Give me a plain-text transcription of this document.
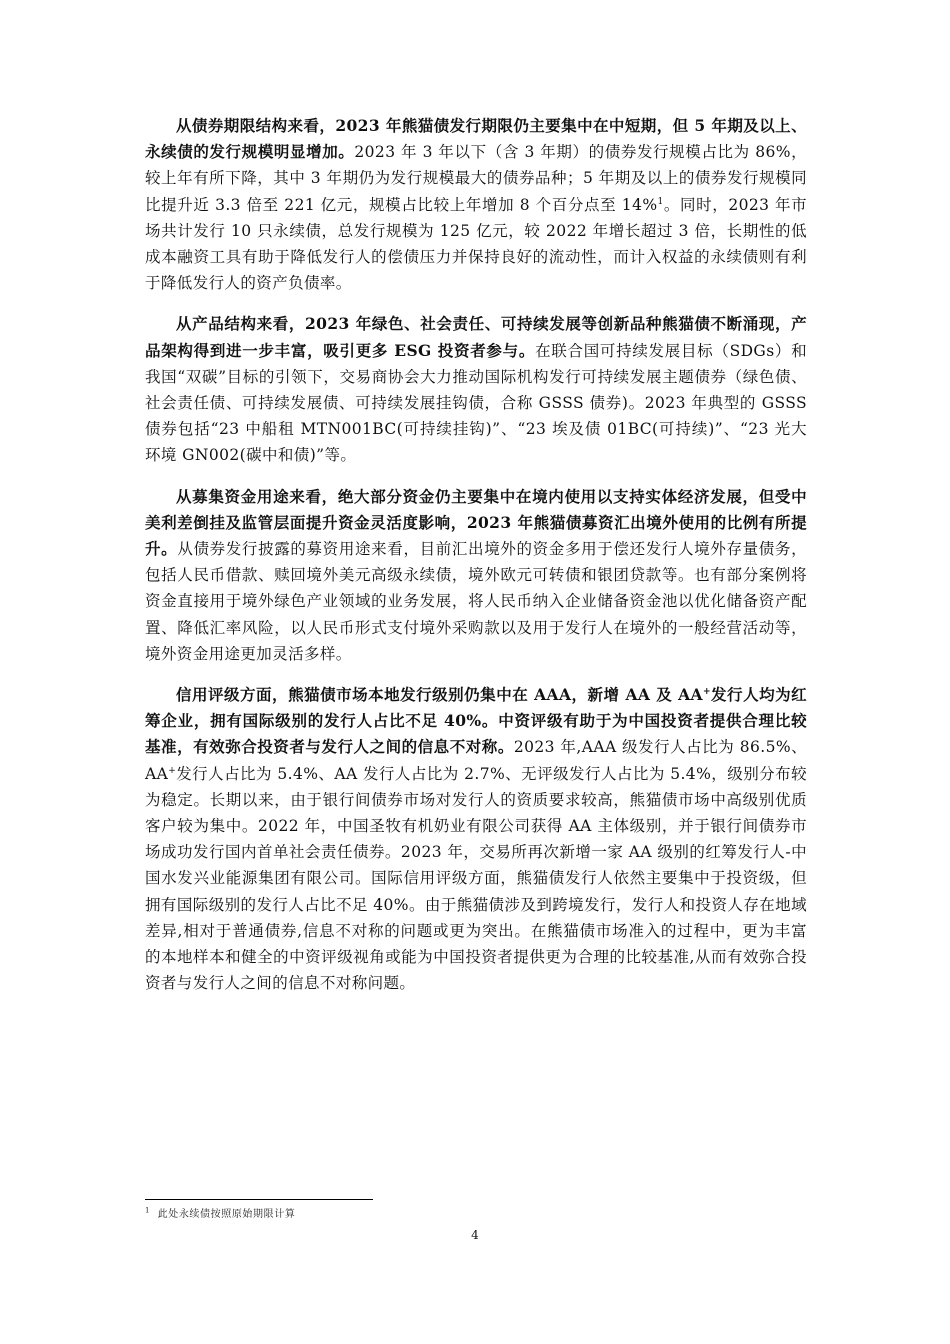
从债券期限结构来看，2023 年熊猫债发行期限仍主要集中在中短期，但 5 年期及以上、永续债的发行规模明显增加。2023 年 3 年以下（含 3 年期）的债券发行规模占比为 86%，较上年有所下降，其中 3 年期仍为发行规模最大的债券品种；5 年期及以上的债券发行规模同比提升近 3.3 倍至 221 亿元，规模占比较上年增加 8 个百分点至 14%$^1$。同时，2023 年市场共计发行 10 只永续债，总发行规模为 125 亿元，较 2022 年增长超过 3 倍，长期性的低成本融资工具有助于降低发行人的偿债压力并保持良好的流动性，而计入权益的永续债则有利于降低发行人的资产负债率。

从产品结构来看，2023 年绿色、社会责任、可持续发展等创新品种熊猫债不断涌现，产品架构得到进一步丰富，吸引更多 ESG 投资者参与。在联合国可持续发展目标（SDGs）和我国“双碳”目标的引领下，交易商协会大力推动国际机构发行可持续发展主题债券（绿色债、社会责任债、可持续发展债、可持续发展挂钩债，合称 GSSS 债券)。2023 年典型的 GSSS 债券包括“23 中船租 MTN001BC(可持续挂钩)”、“23 埃及债 01BC(可持续)”、“23 光大环境 GN002(碳中和债)”等。

从募集资金用途来看，绝大部分资金仍主要集中在境内使用以支持实体经济发展，但受中美利差倒挂及监管层面提升资金灵活度影响，2023 年熊猫债募资汇出境外使用的比例有所提升。从债券发行披露的募资用途来看，目前汇出境外的资金多用于偿还发行人境外存量债务，包括人民币借款、赎回境外美元高级永续债，境外欧元可转债和银团贷款等。也有部分案例将资金直接用于境外绿色产业领域的业务发展，将人民币纳入企业储备资金池以优化储备资产配置、降低汇率风险，以人民币形式支付境外采购款以及用于发行人在境外的一般经营活动等，境外资金用途更加灵活多样。

信用评级方面，熊猫债市场本地发行级别仍集中在 AAA，新增 AA 及 AA+发行人均为红筹企业，拥有国际级别的发行人占比不足 40%。中资评级有助于为中国投资者提供合理比较基准，有效弥合投资者与发行人之间的信息不对称。2023 年,AAA 级发行人占比为 86.5%、AA+发行人占比为 5.4%、AA 发行人占比为 2.7%、无评级发行人占比为 5.4%，级别分布较为稳定。长期以来，由于银行间债券市场对发行人的资质要求较高，熊猫债市场中高级别优质客户较为集中。2022 年，中国圣牧有机奶业有限公司获得 AA 主体级别，并于银行间债券市场成功发行国内首单社会责任债券。2023 年，交易所再次新增一家 AA 级别的红筹发行人-中国水发兴业能源集团有限公司。国际信用评级方面，熊猫债发行人依然主要集中于投资级，但拥有国际级别的发行人占比不足 40%。由于熊猫债涉及到跨境发行，发行人和投资人存在地域差异,相对于普通债券,信息不对称的问题或更为突出。在熊猫债市场准入的过程中，更为丰富的本地样本和健全的中资评级视角或能为中国投资者提供更为合理的比较基准,从而有效弥合投资者与发行人之间的信息不对称问题。

$^1$ 此处永续债按照原始期限计算
4
